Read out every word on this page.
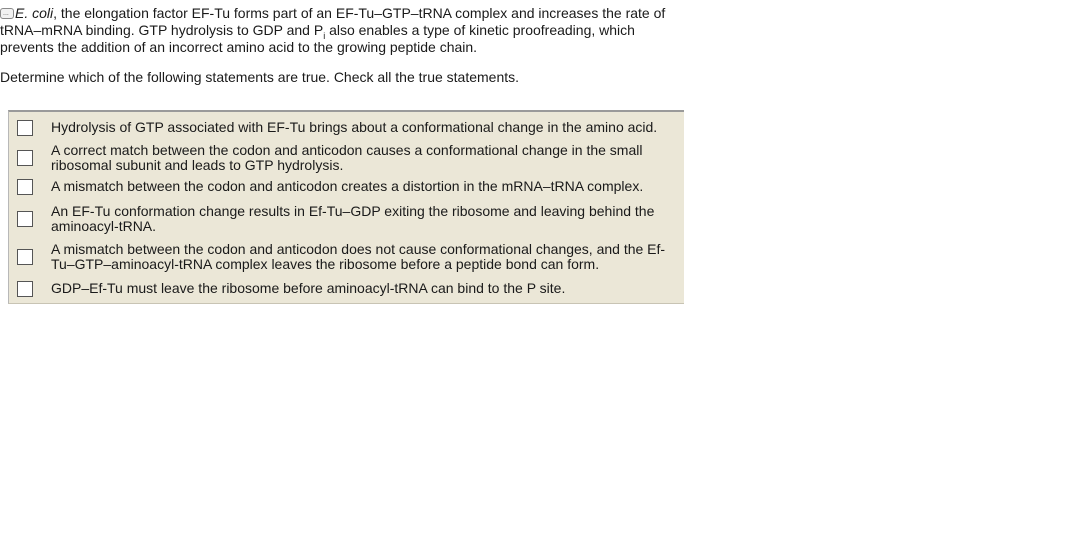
... E. coli, the elongation factor EF-Tu forms part of an EF-Tu–GTP–tRNA complex and increases the rate of tRNA–mRNA binding. GTP hydrolysis to GDP and $P_i$ also enables a type of kinetic proofreading, which prevents the addition of an incorrect amino acid to the growing peptide chain.

Determine which of the following statements are true. Check all the true statements.

Hydrolysis of GTP associated with EF-Tu brings about a conformational change in the amino acid.
A correct match between the codon and anticodon causes a conformational change in the small ribosomal subunit and leads to GTP hydrolysis.
A mismatch between the codon and anticodon creates a distortion in the mRNA–tRNA complex.
An EF-Tu conformation change results in Ef-Tu–GDP exiting the ribosome and leaving behind the aminoacyl-tRNA.
A mismatch between the codon and anticodon does not cause conformational changes, and the Ef-Tu–GTP–aminoacyl-tRNA complex leaves the ribosome before a peptide bond can form.
GDP–Ef-Tu must leave the ribosome before aminoacyl-tRNA can bind to the P site.
